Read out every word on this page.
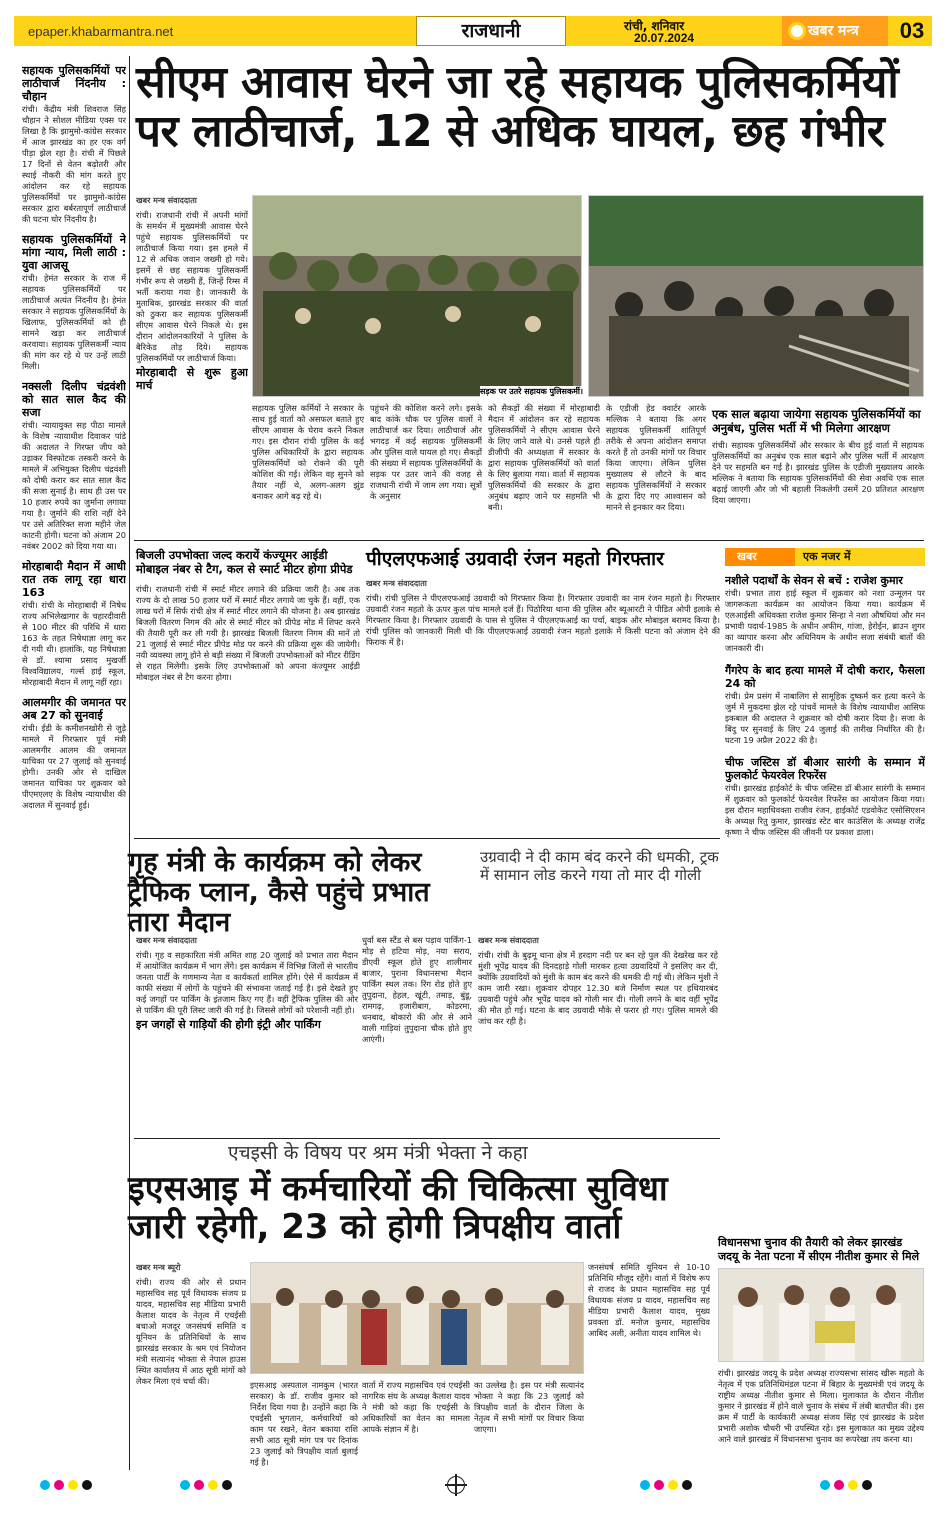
epaper.khabarmantra.net	राजधानी	रांची, शनिवार
20.07.2024	खबर मन्त्र	03
सहायक पुलिसकर्मियों पर लाठीचार्ज निंदनीय : चौहान
रांची। केंद्रीय मंत्री शिवराज सिंह चौहान ने सोशल मीडिया एक्स पर लिखा है कि झामुमो-कांग्रेस सरकार में आज झारखंड का हर एक वर्ग पीड़ा झेल रहा है। रांची में पिछले 17 दिनों से वेतन बढ़ोतरी और स्थाई नौकरी की मांग करते हुए आंदोलन कर रहे सहायक पुलिसकर्मियों पर झामुमो-कांग्रेस सरकार द्वारा बर्बरतापूर्ण लाठीचार्ज की घटना घोर निंदनीय है।
सहायक पुलिसकर्मियों ने मांगा न्याय, मिली लाठी : युवा आजसू
रांची। हेमंत सरकार के राज में सहायक पुलिसकर्मियों पर लाठीचार्ज अत्यंत निंदनीय है। हेमंत सरकार ने सहायक पुलिसकर्मियों के खिलाफ, पुलिसकर्मियों को ही सामने खड़ा कर लाठीचार्ज करवाया। सहायक पुलिसकर्मी न्याय की मांग कर रहे थे पर उन्हें लाठी मिली।
नक्सली दिलीप चंद्रवंशी को सात साल कैद की सजा
रांची। न्यायायुक्त सह पीठा मामले के विशेष न्यायाधीश दिवाकर पांडे की अदालत ने गिरफ्त जीप को उड़ाकर विस्फोटक तस्करी करने के मामले में अभियुक्त दिलीप चंद्रवंशी को दोषी करार कर सात साल कैद की सजा सुनाई है। साथ ही उस पर 10 हजार रुपये का जुर्माना लगाया गया है। जुर्माने की राशि नहीं देने पर उसे अतिरिक्त सजा महीने जेल काटनी होगी। घटना को अंजाम 20 नवंबर 2002 को दिया गया था।
मोरहाबादी मैदान में आधी रात तक लागू रहा धारा 163
रांची। रांची के मोरहाबादी में निषेध राज्य अभिलेखागार के चहारदीवारी से 100 मीटर की परिधि में धारा 163 के तहत निषेधाज्ञा लागू कर दी गयी थी। हालांकि, यह निषेधाज्ञा से डॉ. श्यामा प्रसाद मुखर्जी विश्वविद्यालय, गर्ल्स हाई स्कूल, मोरहाबादी मैदान में लागू नहीं रहा।
आलमगीर की जमानत पर अब 27 को सुनवाई
रांची। ईडी के कमीशनखोरी से जुड़े मामले में गिरफ्तार पूर्व मंत्री आलमगीर आलम की जमानत याचिका पर 27 जुलाई को सुनवाई होगी। उनकी ओर से दाखिल जमानत याचिका पर शुक्रवार को पीएमएलए के विशेष न्यायाधीश की अदालत में सुनवाई हुई।
सीएम आवास घेरने जा रहे सहायक पुलिसकर्मियों पर लाठीचार्ज, 12 से अधिक घायल, छह गंभीर
खबर मन्त्र संवाददाता
रांची। राजधानी रांची में अपनी मांगों के समर्थन में मुख्यमंत्री आवास घेरने पहुंचे सहायक पुलिसकर्मियों पर लाठीचार्ज किया गया। इस हमले में 12 से अधिक जवान जख्मी हो गये। इसमें से छह सहायक पुलिसकर्मी गंभीर रूप से जख्मी हैं, जिन्हें रिम्स में भर्ती कराया गया है। जानकारी के मुताबिक, झारखंड सरकार की वार्ता को ठुकरा कर सहायक पुलिसकर्मी सीएम आवास घेरने निकले थे। इस दौरान आंदोलनकारियों ने पुलिस के बैरिकेड तोड़ दिये। सहायक पुलिसकर्मियों पर लाठीचार्ज किया।
मोरहाबादी से शुरू हुआ मार्च	सड़क पर उतरे सहायक पुलिसकर्मी।
सहायक पुलिस कर्मियों ने सरकार के साथ हुई वार्ता को असफल बताते हुए सीएम आवास के घेराव करने निकल गए। इस दौरान रांची पुलिस के कई पुलिस अधिकारियों के द्वारा सहायक पुलिसकर्मियों को रोकने की पूरी कोशिश की गई। लेकिन वह सुनने को तैयार नहीं थे, अलग-अलग झुंड बनाकर आगे बढ़ रहे थे।
पहुंचने की कोशिश करने लगे। इसके बाद कांके चौक पर पुलिस वालों ने लाठीचार्ज कर दिया। लाठीचार्ज और भगदड़ में कई सहायक पुलिसकर्मी और पुलिस वाले घायल हो गए। सैकड़ों की संख्या में सहायक पुलिसकर्मियों के सड़क पर उतर जाने की वजह से राजधानी रांची में जाम लग गया। सूत्रों के अनुसार
को सैकड़ों की संख्या में मोरहाबादी मैदान में आंदोलन कर रहे सहायक पुलिसकर्मियों ने सीएम आवास घेरने के लिए जाने वाले थे। उनसे पहले ही डीजीपी की अध्यक्षता में सरकार के द्वारा सहायक पुलिसकर्मियों को वार्ता के लिए बुलाया गया। वार्ता में सहायक पुलिसकर्मियों की सरकार के द्वारा अनुबंध बढ़ाए जाने पर सहमति भी बनी।
के एडीजी हेड क्वार्टर आरके मल्लिक ने बताया कि अगर सहायक पुलिसकर्मी शांतिपूर्ण तरीके से अपना आंदोलन समाप्त करते हैं तो उनकी मांगों पर विचार किया जाएगा। लेकिन पुलिस मुख्यालय से लौटने के बाद सहायक पुलिसकर्मियों ने सरकार के द्वारा दिए गए आश्वासन को मानने से इनकार कर दिया।
एक साल बढ़ाया जायेगा सहायक पुलिसकर्मियों का अनुबंध, पुलिस भर्ती में भी मिलेगा आरक्षण
रांची। सहायक पुलिसकर्मियों और सरकार के बीच हुई वार्ता में सहायक पुलिसकर्मियों का अनुबंध एक साल बढ़ाने और पुलिस भर्ती में आरक्षण देने पर सहमति बन गई है। झारखंड पुलिस के एडीजी मुख्यालय आरके मल्लिक ने बताया कि सहायक पुलिसकर्मियों की सेवा अवधि एक साल बढ़ाई जाएगी और जो भी बहाली निकलेगी उसमें 20 प्रतिशत आरक्षण दिया जाएगा।
बिजली उपभोक्ता जल्द करायें कंज्यूमर आईडी मोबाइल नंबर से टैग, कल से स्मार्ट मीटर होगा प्रीपेड
रांची। राजधानी रांची में स्मार्ट मीटर लगाने की प्रक्रिया जारी है। अब तक राज्य के दो लाख 50 हजार घरों में स्मार्ट मीटर लगाये जा चुके हैं। वहीं, एक लाख घरों में सिर्फ रांची क्षेत्र में स्मार्ट मीटर लगाने की योजना है। अब झारखंड बिजली वितरण निगम की ओर से स्मार्ट मीटर को प्रीपेड मोड में शिफ्ट करने की तैयारी पूरी कर ली गयी है। झारखंड बिजली वितरण निगम की मानें तो 21 जुलाई से स्मार्ट मीटर प्रीपेड मोड पर करने की प्रक्रिया शुरू की जायेगी। नयी व्यवस्था लागू होने से बड़ी संख्या में बिजली उपभोक्ताओं को मीटर रीडिंग से राहत मिलेगी। इसके लिए उपभोक्ताओं को अपना कंज्यूमर आईडी मोबाइल नंबर से टैग करना होगा।
पीएलएफआई उग्रवादी रंजन महतो गिरफ्तार
खबर मन्त्र संवाददाता
रांची। रांची पुलिस ने पीएलएफआई उग्रवादी को गिरफ्तार किया है। गिरफ्तार उग्रवादी का नाम रंजन महतो है। गिरफ्तार उग्रवादी रंजन महतो के ऊपर कुल पांच मामले दर्ज हैं। पिठोरिया थाना की पुलिस और ब्यूआरटी ने पीडित ओपी इलाके से गिरफ्तार किया है। गिरफ्तार उग्रवादी के पास से पुलिस ने पीएलएफआई का पर्चा, बाइक और मोबाइल बरामद किया है। रांची पुलिस को जानकारी मिली थी कि पीएलएफआई उग्रवादी रंजन महतो इलाके में किसी घटना को अंजाम देने की फिराक में है।
खबर	एक नजर में
नशीले पदार्थों के सेवन से बचें : राजेश कुमार
रांची। प्रभात तारा हाई स्कूल में शुक्रवार को नशा उन्मूलन पर जागरूकता कार्यक्रम का आयोजन किया गया। कार्यक्रम में एलआईसी अधिवक्ता राजेश कुमार सिन्हा ने नशा औषधियां और मन प्रभावी पदार्थ-1985 के अधीन अफीम, गांजा, हेरोईन, ब्राउन शुगर का व्यापार करना और अधिनियम के अधीन सजा संबंधी बातों की जानकारी दी।
गैंगरेप के बाद हत्या मामले में दोषी करार, फैसला 24 को
रांची। प्रेम प्रसंग में नाबालिग से सामूहिक दुष्कर्म कर हत्या करने के जुर्म में मुकदमा झेल रहे पांचवें मामले के विशेष न्यायाधीश आसिफ इकबाल की अदालत ने शुक्रवार को दोषी करार दिया है। सजा के बिंदु पर सुनवाई के लिए 24 जुलाई की तारीख निर्धारित की है। घटना 19 अप्रैल 2022 की है।
चीफ जस्टिस डॉ बीआर सारंगी के सम्मान में फुलकोर्ट फेयरवेल रिफरेंस
रांची। झारखंड हाईकोर्ट के चीफ जस्टिस डॉ बीआर सारंगी के सम्मान में शुक्रवार को फुलकोर्ट फेयरवेल रिफरेंस का आयोजन किया गया। इस दौरान महाधिवक्ता राजीव रंजन, हाईकोर्ट एडवोकेट एसोसिएशन के अध्यक्ष रितु कुमार, झारखंड स्टेट बार काउंसिल के अध्यक्ष राजेंद्र कृष्णा ने चीफ जस्टिस की जीवनी पर प्रकाश डाला।
गृह मंत्री के कार्यक्रम को लेकर ट्रैफिक प्लान, कैसे पहुंचे प्रभात तारा मैदान
खबर मन्त्र संवाददाता
रांची। गृह व सहकारिता मंत्री अमित शाह 20 जुलाई को प्रभात तारा मैदान में आयोजित कार्यक्रम में भाग लेंगे। इस कार्यक्रम में विभिन्न जिलों से भारतीय जनता पार्टी के गणमान्य नेता व कार्यकर्ता शामिल होंगे। ऐसे में कार्यक्रम में काफी संख्या में लोगों के पहुंचने की संभावना जताई गई है। इसे देखते हुए कई जगहों पर पार्किंग के इंतजाम किए गए हैं। वहीं ट्रैफिक पुलिस की ओर से पार्किंग की पूरी लिस्ट जारी की गई है। जिससे लोगों को परेशानी नहीं हो।
इन जगहों से गाड़ियों की होगी इंट्री और पार्किंग
धुर्वा बस स्टैंड से बस पड़ाव पार्किंग-1 मोड़ से हटिया मोड़, नया सराय, डीएवी स्कूल होते हुए शालीमार बाजार, पुराना विधानसभा मैदान पार्किंग स्थल तक। रिंग रोड होते हुए तुपुदाना, हेहल, खूंटी, तमाड़, बुंडू, रामगढ़, हजारीबाग, कोडरमा, धनबाद, बोकारो की ओर से आने वाली गाड़ियां तुपुदाना चौक होते हुए आएंगी।
उग्रवादी ने दी काम बंद करने की धमकी, ट्रक में सामान लोड करने गया तो मार दी गोली
खबर मन्त्र संवाददाता
रांची। रांची के बुढ़मू थाना क्षेत्र में हरदाग नदी पर बन रहे पुल की देखरेख कर रहे मुंशी भूपेंद्र यादव की दिनदहाड़े गोली मारकर हत्या उग्रवादियों ने इसलिए कर दी, क्योंकि उग्रवादियों को मुंशी के काम बंद करने की धमकी दी गई थी। लेकिन मुंशी ने काम जारी रखा। शुक्रवार दोपहर 12.30 बजे निर्माण स्थल पर हथियारबंद उग्रवादी पहुंचे और भूपेंद्र यादव को गोली मार दी। गोली लगने के बाद वहीं भूपेंद्र की मौत हो गई। घटना के बाद उग्रवादी मौके से फरार हो गए। पुलिस मामले की जांच कर रही है।
एचइसी के विषय पर श्रम मंत्री भेक्ता ने कहा
इएसआइ में कर्मचारियों की चिकित्सा सुविधा जारी रहेगी, 23 को होगी त्रिपक्षीय वार्ता
खबर मन्त्र ब्यूरो
रांची। राज्य की ओर से प्रधान महासचिव सह पूर्व विधायक संजय प्र यादव, महासचिव सह मीडिया प्रभारी कैलाश यादव के नेतृत्व में एचईसी बचाओ मजदूर जनसंघर्ष समिति व यूनियन के प्रतिनिधियों के साथ झारखंड सरकार के श्रम एवं नियोजन मंत्री सत्यानंद भोक्ता से नेपाल हाउस स्थित कार्यालय में आठ सूत्री मांगों को लेकर मिला एवं चर्चा की।	इएसआइ अस्पताल नामकुम (भारत सरकार) के डॉ. राजीव कुमार को निर्देश दिया गया है। उन्होंने कहा कि एचईसी भुगतान, कर्मचारियों को काम पर रखने, वेतन बकाया राशि सभी आठ सूत्री मांग पत्र पर दिनांक 23 जुलाई को त्रिपक्षीय वार्ता बुलाई गई है।
वार्ता में राज्य महासचिव एवं एचईसी नागरिक संघ के अध्यक्ष कैलाश यादव ने मंत्री को कहा कि एचईसी के अधिकारियों का वेतन का मामला आपके संज्ञान में है।
का उल्लेख है। इस पर मंत्री सत्यानंद भोक्ता ने कहा कि 23 जुलाई को त्रिपक्षीय वार्ता के दौरान जिला के नेतृत्व में सभी मांगों पर विचार किया जाएगा।
जनसंघर्ष समिति यूनियन से 10-10 प्रतिनिधि मौजूद रहेंगे। वार्ता में विशेष रूप से राजद के प्रधान महासचिव सह पूर्व विधायक संजय प्र यादव, महासचिव सह मीडिया प्रभारी कैलाश यादव, मुख्य प्रवक्ता डॉ. मनोज कुमार, महासचिव आबिद अली, अनीता यादव शामिल थे।
विधानसभा चुनाव की तैयारी को लेकर झारखंड जदयू के नेता पटना में सीएम नीतीश कुमार से मिले
रांची। झारखंड जदयू के प्रदेश अध्यक्ष राज्यसभा सांसद खीरू महतो के नेतृत्व में एक प्रतिनिधिमंडल पटना में बिहार के मुख्यमंत्री एवं जदयू के राष्ट्रीय अध्यक्ष नीतीश कुमार से मिला। मुलाकात के दौरान नीतीश कुमार ने झारखंड में होने वाले चुनाव के संबंध में लंबी बातचीत की। इस क्रम में पार्टी के कार्यकारी अध्यक्ष संजय सिंह एवं झारखंड के प्रदेश प्रभारी अशोक चौधरी भी उपस्थित रहे। इस मुलाकात का मुख्य उद्देश्य आने वाले झारखंड में विधानसभा चुनाव का रूपरेखा तय करना था।
